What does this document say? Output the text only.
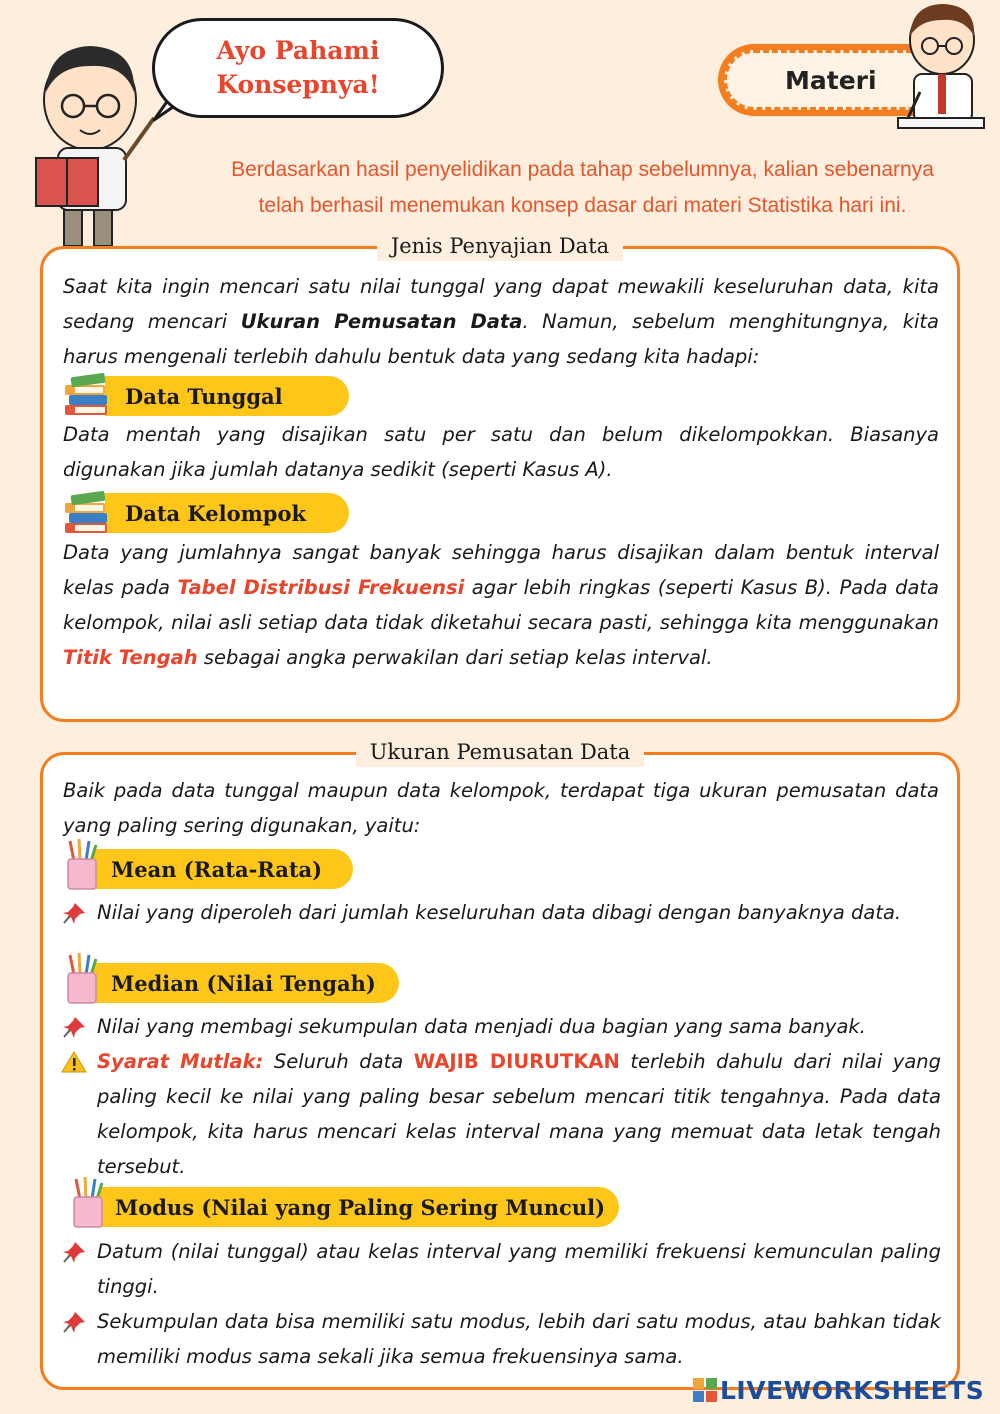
Ayo Pahami
Konsepnya!	Materi
Berdasarkan hasil penyelidikan pada tahap sebelumnya, kalian sebenarnya
telah berhasil menemukan konsep dasar dari materi Statistika hari ini.
Jenis Penyajian Data

Saat kita ingin mencari satu nilai tunggal yang dapat mewakili keseluruhan data, kita sedang mencari Ukuran Pemusatan Data. Namun, sebelum menghitungnya, kita harus mengenali terlebih dahulu bentuk data yang sedang kita hadapi:

Data Tunggal

Data mentah yang disajikan satu per satu dan belum dikelompokkan. Biasanya digunakan jika jumlah datanya sedikit (seperti Kasus A).

Data Kelompok

Data yang jumlahnya sangat banyak sehingga harus disajikan dalam bentuk interval kelas pada Tabel Distribusi Frekuensi agar lebih ringkas (seperti Kasus B). Pada data kelompok, nilai asli setiap data tidak diketahui secara pasti, sehingga kita menggunakan Titik Tengah sebagai angka perwakilan dari setiap kelas interval.

Ukuran Pemusatan Data

Baik pada data tunggal maupun data kelompok, terdapat tiga ukuran pemusatan data yang paling sering digunakan, yaitu:

Mean (Rata-Rata)
Nilai yang diperoleh dari jumlah keseluruhan data dibagi dengan banyaknya data.
Median (Nilai Tengah)
Nilai yang membagi sekumpulan data menjadi dua bagian yang sama banyak.
Syarat Mutlak: Seluruh data WAJIB DIURUTKAN terlebih dahulu dari nilai yang paling kecil ke nilai yang paling besar sebelum mencari titik tengahnya. Pada data kelompok, kita harus mencari kelas interval mana yang memuat data letak tengah tersebut.
Modus (Nilai yang Paling Sering Muncul)
Datum (nilai tunggal) atau kelas interval yang memiliki frekuensi kemunculan paling tinggi.
Sekumpulan data bisa memiliki satu modus, lebih dari satu modus, atau bahkan tidak memiliki modus sama sekali jika semua frekuensinya sama.
LIVEWORKSHEETS
